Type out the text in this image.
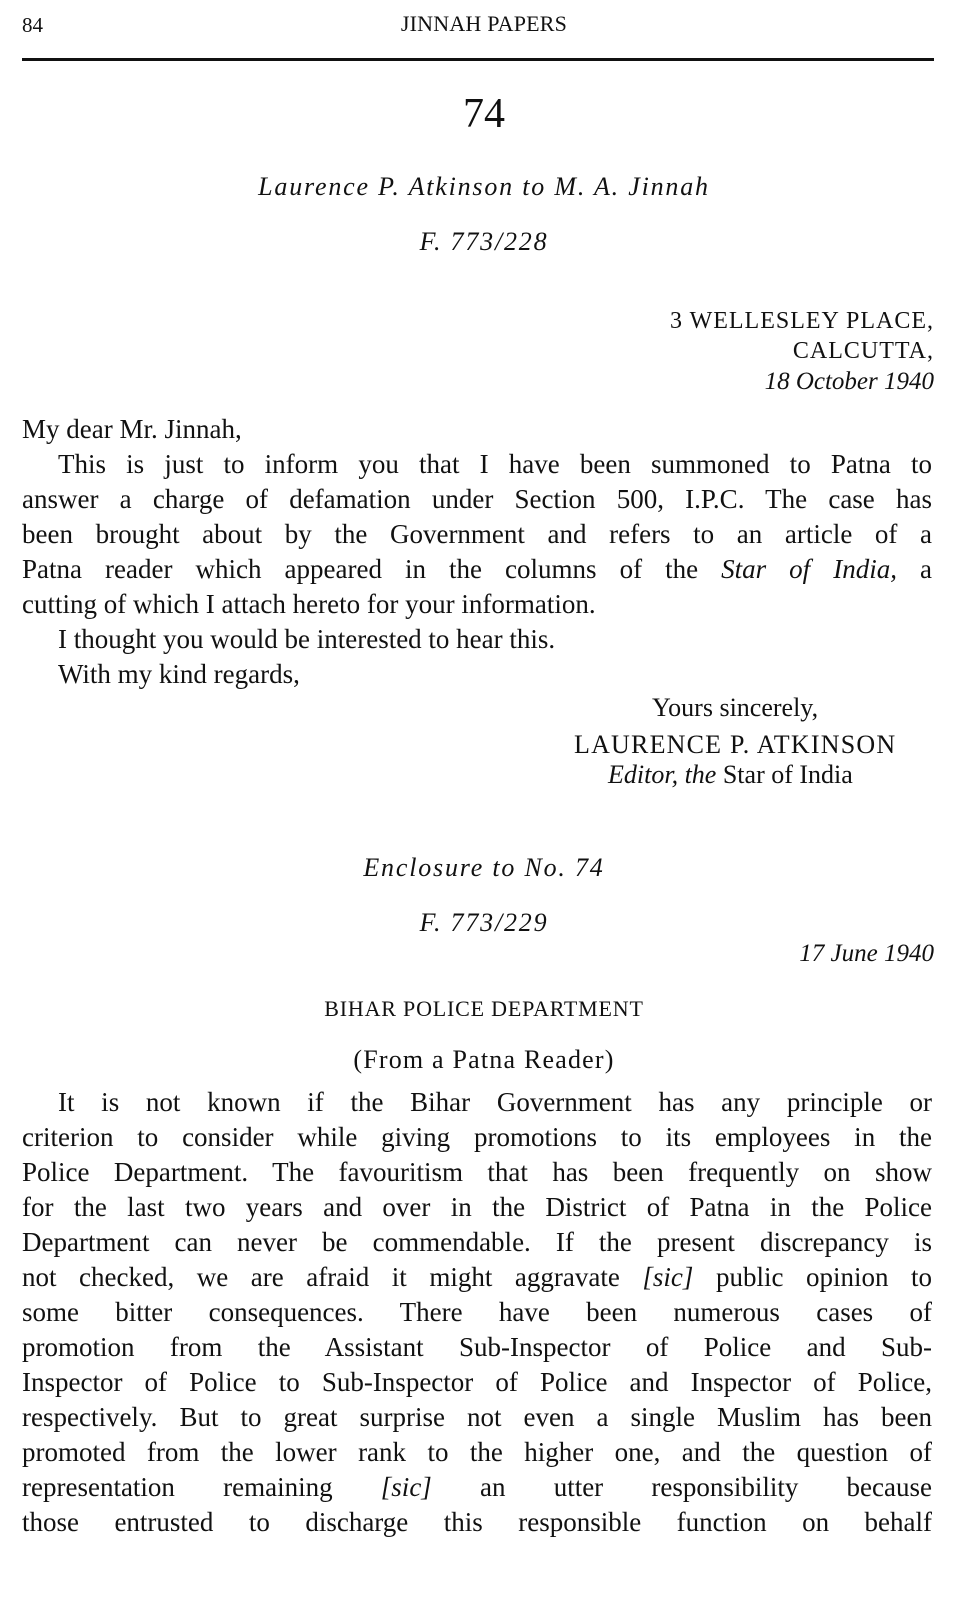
84	JINNAH PAPERS
74
Laurence P. Atkinson to M. A. Jinnah
F. 773/228
3 WELLESLEY PLACE,
CALCUTTA,
18 October 1940
My dear Mr. Jinnah,
This is just to inform you that I have been summoned to Patna to
answer a charge of defamation under Section 500, I.P.C. The case has
been brought about by the Government and refers to an article of a
Patna reader which appeared in the columns of the Star of India, a
cutting of which I attach hereto for your information.
I thought you would be interested to hear this.
With my kind regards,
Yours sincerely,
LAURENCE P. ATKINSON
Editor, the Star of India
Enclosure to No. 74
F. 773/229
17 June 1940
BIHAR POLICE DEPARTMENT
(From a Patna Reader)
It is not known if the Bihar Government has any principle or
criterion to consider while giving promotions to its employees in the
Police Department. The favouritism that has been frequently on show
for the last two years and over in the District of Patna in the Police
Department can never be commendable. If the present discrepancy is
not checked, we are afraid it might aggravate [sic] public opinion to
some bitter consequences. There have been numerous cases of
promotion from the Assistant Sub-Inspector of Police and Sub-
Inspector of Police to Sub-Inspector of Police and Inspector of Police,
respectively. But to great surprise not even a single Muslim has been
promoted from the lower rank to the higher one, and the question of
representation remaining [sic] an utter responsibility because
those entrusted to discharge this responsible function on behalf
